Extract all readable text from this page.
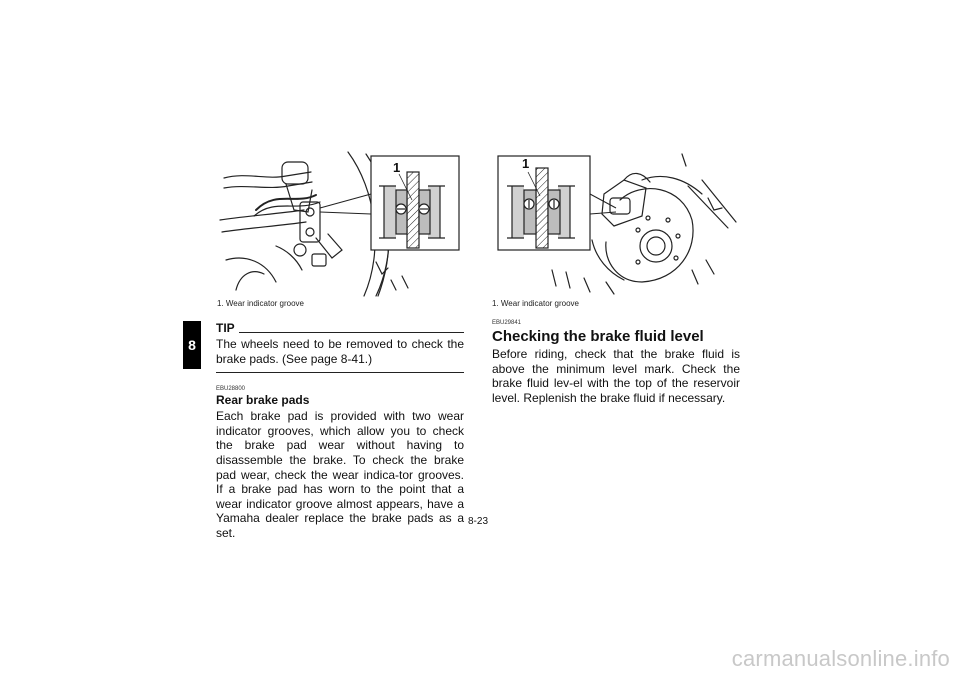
8
1
1. Wear indicator groove
1
1. Wear indicator groove
TIP

The wheels need to be removed to check the brake pads. (See page 8-41.)

EBU28800

Rear brake pads

Each brake pad is provided with two wear indicator grooves, which allow you to check the brake pad wear without having to disassemble the brake. To check the brake pad wear, check the wear indica-tor grooves. If a brake pad has worn to the point that a wear indicator groove almost appears, have a Yamaha dealer replace the brake pads as a set.

EBU29841

Checking the brake fluid level

Before riding, check that the brake fluid is above the minimum level mark. Check the brake fluid lev-el with the top of the reservoir level. Replenish the brake fluid if necessary.

8-23
carmanualsonline.info
